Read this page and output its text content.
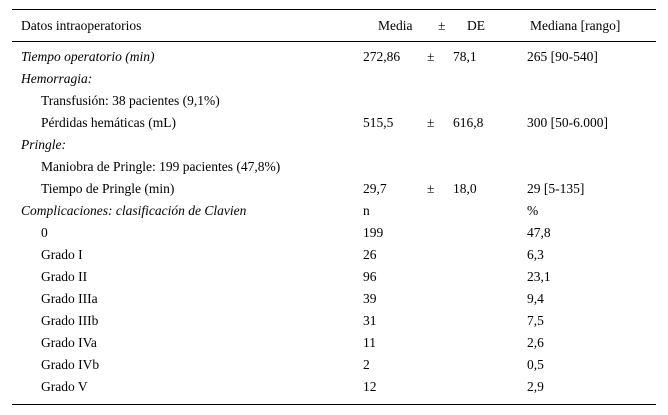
Datos intraoperatorios	Media ± DE	Mediana [rango]
Tiempo operatorio (min)	272,86 ± 78,1	265 [90-540]
Hemorragia:
Transfusión: 38 pacientes (9,1%)
Pérdidas hemáticas (mL)	515,5 ± 616,8	300 [50-6.000]
Pringle:
Maniobra de Pringle: 199 pacientes (47,8%)
Tiempo de Pringle (min)	29,7	± 18,0	29 [5-135]
Complicaciones: clasificación de Clavien	n	%
0	199	47,8
Grado I	26	6,3
Grado II	96	23,1
Grado IIIa	39	9,4
Grado IIIb	31	7,5
Grado IVa	11	2,6
Grado IVb	2	0,5
Grado V	12	2,9
